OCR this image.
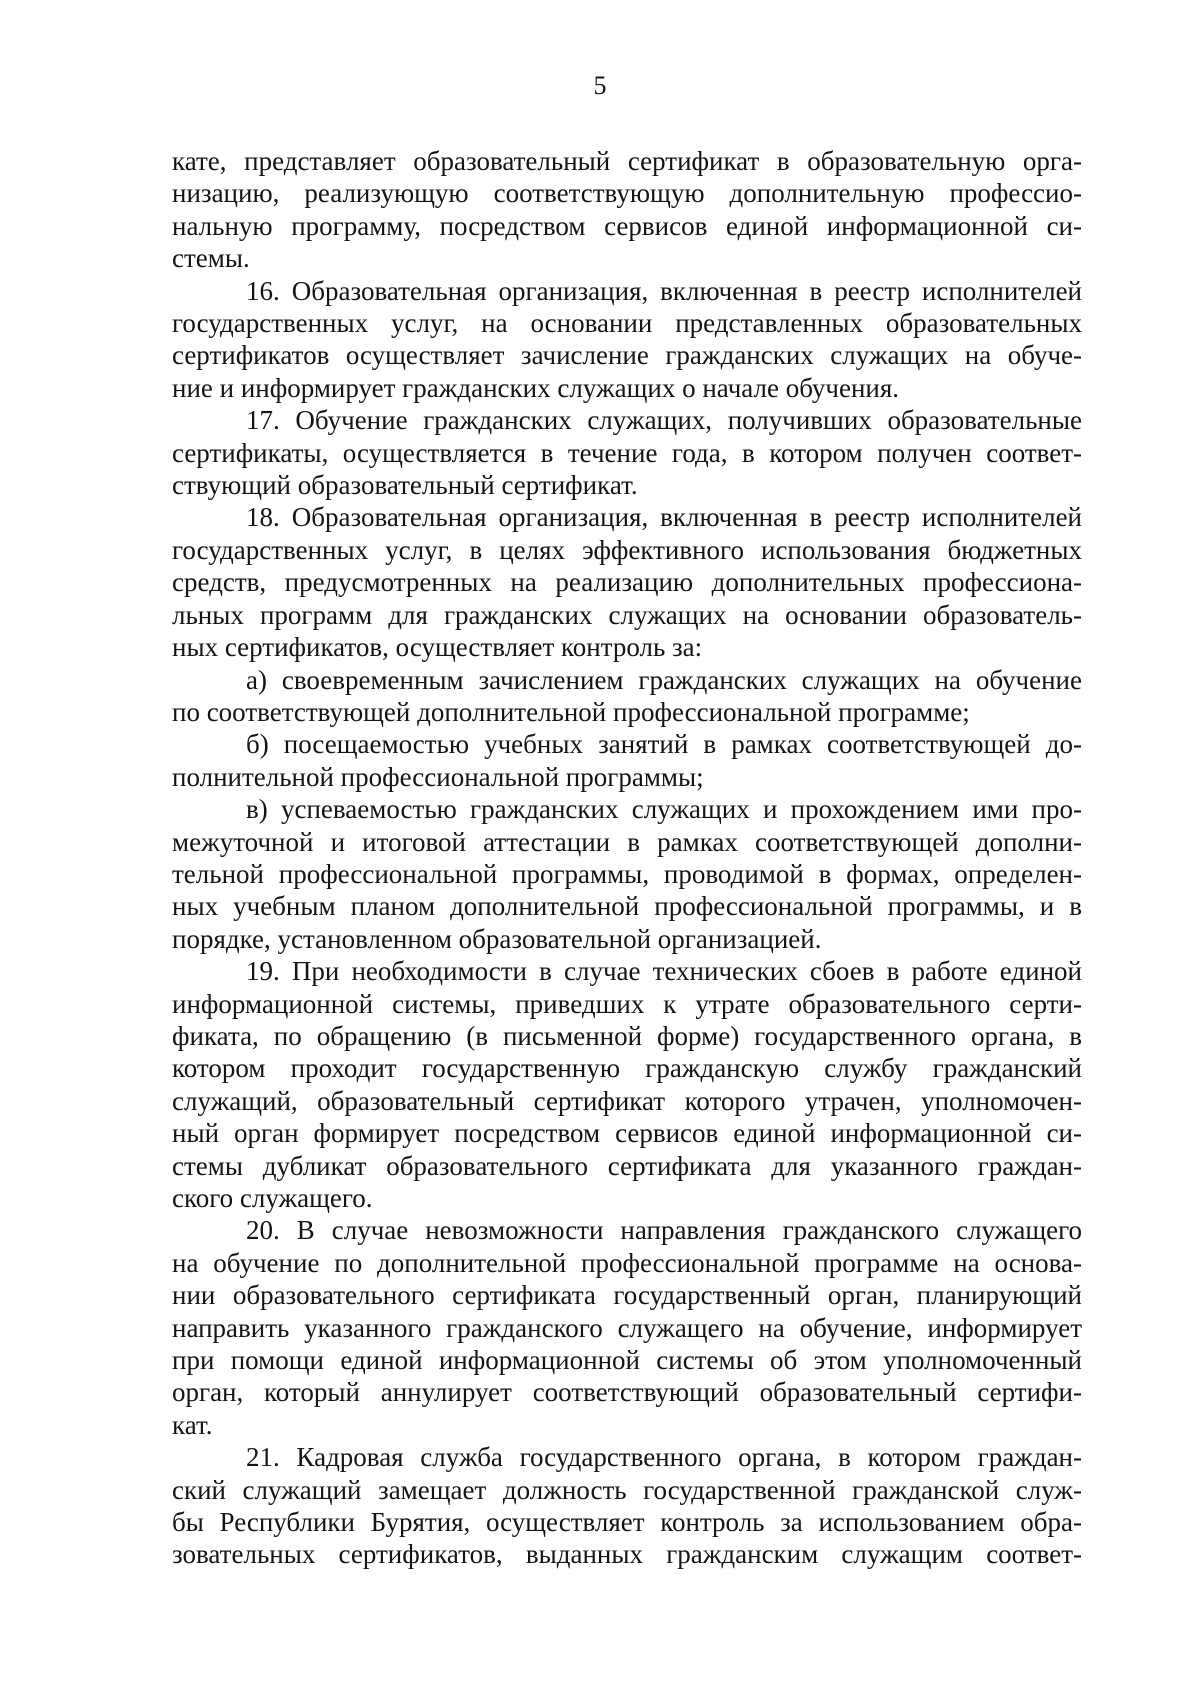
5
кате, представляет образовательный сертификат в образовательную орга-
низацию, реализующую соответствующую дополнительную профессио-
нальную программу, посредством сервисов единой информационной си-
стемы.
16. Образовательная организация, включенная в реестр исполнителей
государственных услуг, на основании представленных образовательных
сертификатов осуществляет зачисление гражданских служащих на обуче-
ние и информирует гражданских служащих о начале обучения.
17. Обучение гражданских служащих, получивших образовательные
сертификаты, осуществляется в течение года, в котором получен соответ-
ствующий образовательный сертификат.
18. Образовательная организация, включенная в реестр исполнителей
государственных услуг, в целях эффективного использования бюджетных
средств, предусмотренных на реализацию дополнительных профессиона-
льных программ для гражданских служащих на основании образователь-
ных сертификатов, осуществляет контроль за:
а) своевременным зачислением гражданских служащих на обучение
по соответствующей дополнительной профессиональной программе;
б) посещаемостью учебных занятий в рамках соответствующей до-
полнительной профессиональной программы;
в) успеваемостью гражданских служащих и прохождением ими про-
межуточной и итоговой аттестации в рамках соответствующей дополни-
тельной профессиональной программы, проводимой в формах, определен-
ных учебным планом дополнительной профессиональной программы, и в
порядке, установленном образовательной организацией.
19. При необходимости в случае технических сбоев в работе единой
информационной системы, приведших к утрате образовательного серти-
фиката, по обращению (в письменной форме) государственного органа, в
котором проходит государственную гражданскую службу гражданский
служащий, образовательный сертификат которого утрачен, уполномочен-
ный орган формирует посредством сервисов единой информационной си-
стемы дубликат образовательного сертификата для указанного граждан-
ского служащего.
20. В случае невозможности направления гражданского служащего
на обучение по дополнительной профессиональной программе на основа-
нии образовательного сертификата государственный орган, планирующий
направить указанного гражданского служащего на обучение, информирует
при помощи единой информационной системы об этом уполномоченный
орган, который аннулирует соответствующий образовательный сертифи-
кат.
21. Кадровая служба государственного органа, в котором граждан-
ский служащий замещает должность государственной гражданской служ-
бы Республики Бурятия, осуществляет контроль за использованием обра-
зовательных сертификатов, выданных гражданским служащим соответ-
